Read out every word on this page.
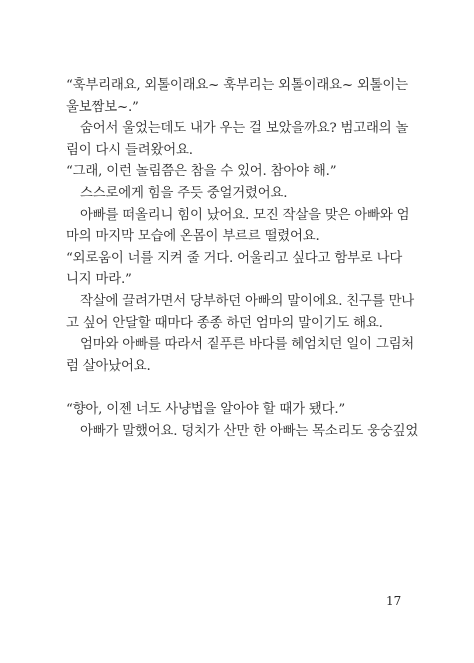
“훅부리래요, 외톨이래요~ 훅부리는 외톨이래요~ 외톨이는
울보짬보~.”
숨어서 울었는데도 내가 우는 걸 보았을까요? 범고래의 놀
림이 다시 들려왔어요.
“그래, 이런 놀림쯤은 참을 수 있어. 참아야 해.”
스스로에게 힘을 주듯 중얼거렸어요.
아빠를 떠올리니 힘이 났어요. 모진 작살을 맞은 아빠와 엄
마의 마지막 모습에 온몸이 부르르 떨렸어요.
“외로움이 너를 지켜 줄 거다. 어울리고 싶다고 함부로 나다
니지 마라.”
작살에 끌려가면서 당부하던 아빠의 말이에요. 친구를 만나
고 싶어 안달할 때마다 종종 하던 엄마의 말이기도 해요.
엄마와 아빠를 따라서 짙푸른 바다를 헤엄치던 일이 그림처
럼 살아났어요.
“향아, 이젠 너도 사냥법을 알아야 할 때가 됐다.”
아빠가 말했어요. 덩치가 산만 한 아빠는 목소리도 웅숭깊었
17
